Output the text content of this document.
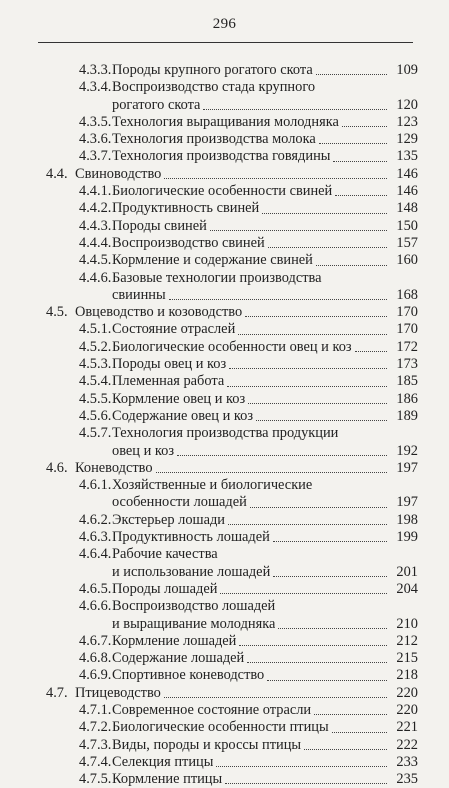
296
4.3.3. Породы крупного рогатого скота	109
4.3.4. Воспроизводство стада крупного
рогатого скота	120
4.3.5. Технология выращивания молодняка	123
4.3.6. Технология производства молока	129
4.3.7. Технология производства говядины	135
4.4. Свиноводство	146
4.4.1. Биологические особенности свиней	146
4.4.2. Продуктивность свиней	148
4.4.3. Породы свиней	150
4.4.4. Воспроизводство свиней	157
4.4.5. Кормление и содержание свиней	160
4.4.6. Базовые технологии производства
свиинны	168
4.5. Овцеводство и козоводство	170
4.5.1. Состояние отраслей	170
4.5.2. Биологические особенности овец и коз	172
4.5.3. Породы овец и коз	173
4.5.4. Племенная работа	185
4.5.5. Кормление овец и коз	186
4.5.6. Содержание овец и коз	189
4.5.7. Технология производства продукции
овец и коз	192
4.6. Коневодство	197
4.6.1. Хозяйственные и биологические
особенности лошадей	197
4.6.2. Экстерьер лошади	198
4.6.3. Продуктивность лошадей	199
4.6.4. Рабочие качества
и использование лошадей	201
4.6.5. Породы лошадей	204
4.6.6. Воспроизводство лошадей
и выращивание молодняка	210
4.6.7. Кормление лошадей	212
4.6.8. Содержание лошадей	215
4.6.9. Спортивное коневодство	218
4.7. Птицеводство	220
4.7.1. Современное состояние отрасли	220
4.7.2. Биологические особенности птицы	221
4.7.3. Виды, породы и кроссы птицы	222
4.7.4. Селекция птицы	233
4.7.5. Кормление птицы	235
